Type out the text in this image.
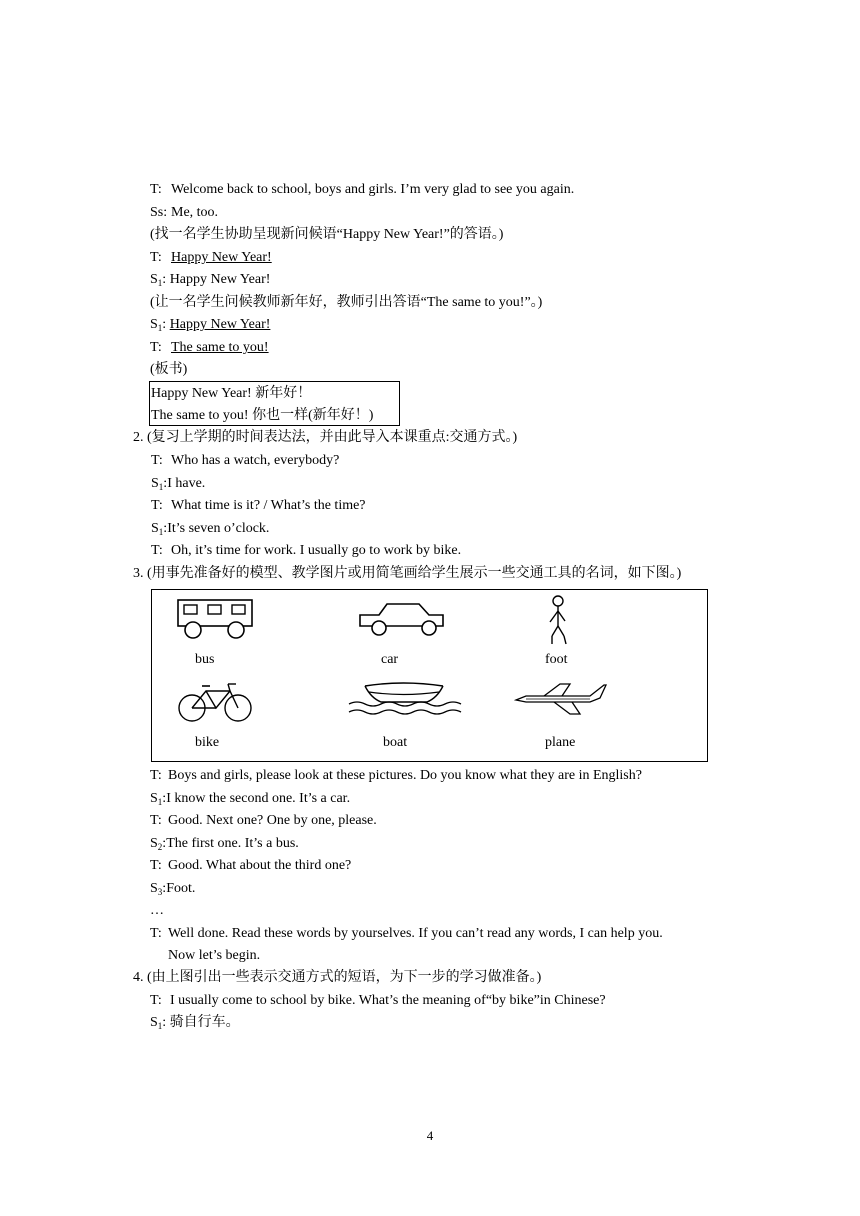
T: Welcome back to school, boys and girls. I’m very glad to see you again.
Ss: Me, too.
(找一名学生协助呈现新问候语“Happy New Year!”的答语。)
T: Happy New Year!
$S_1$: Happy New Year!
(让一名学生问候教师新年好，教师引出答语“The same to you!”。)
$S_1$: Happy New Year!
T: The same to you!
(板书)
Happy New Year! 新年好！
The same to you! 你也一样(新年好！)
2. (复习上学期的时间表达法，并由此导入本课重点:交通方式。)
T: Who has a watch, everybody?
$S_1:I$ have.
T: What time is it? / What’s the time?
$S_1:It’s$ seven o’clock.
T: Oh, it’s time for work. I usually go to work by bike.
3. (用事先准备好的模型、教学图片或用简笔画给学生展示一些交通工具的名词，如下图。)
bus	car	foot
bike	boat	plane
T: Boys and girls, please look at these pictures. Do you know what they are in English?
$S_1:I$ know the second one. It’s a car.
T: Good. Next one? One by one, please.
$S_2:The$ first one. It’s a bus.
T: Good. What about the third one?
$S_3:Foot$.
…
T: Well done. Read these words by yourselves. If you can’t read any words, I can help you.
Now let’s begin.
4. (由上图引出一些表示交通方式的短语，为下一步的学习做准备。)
T: I usually come to school by bike. What’s the meaning of“by bike”in Chinese?
$S_1$: 骑自行车。
4
